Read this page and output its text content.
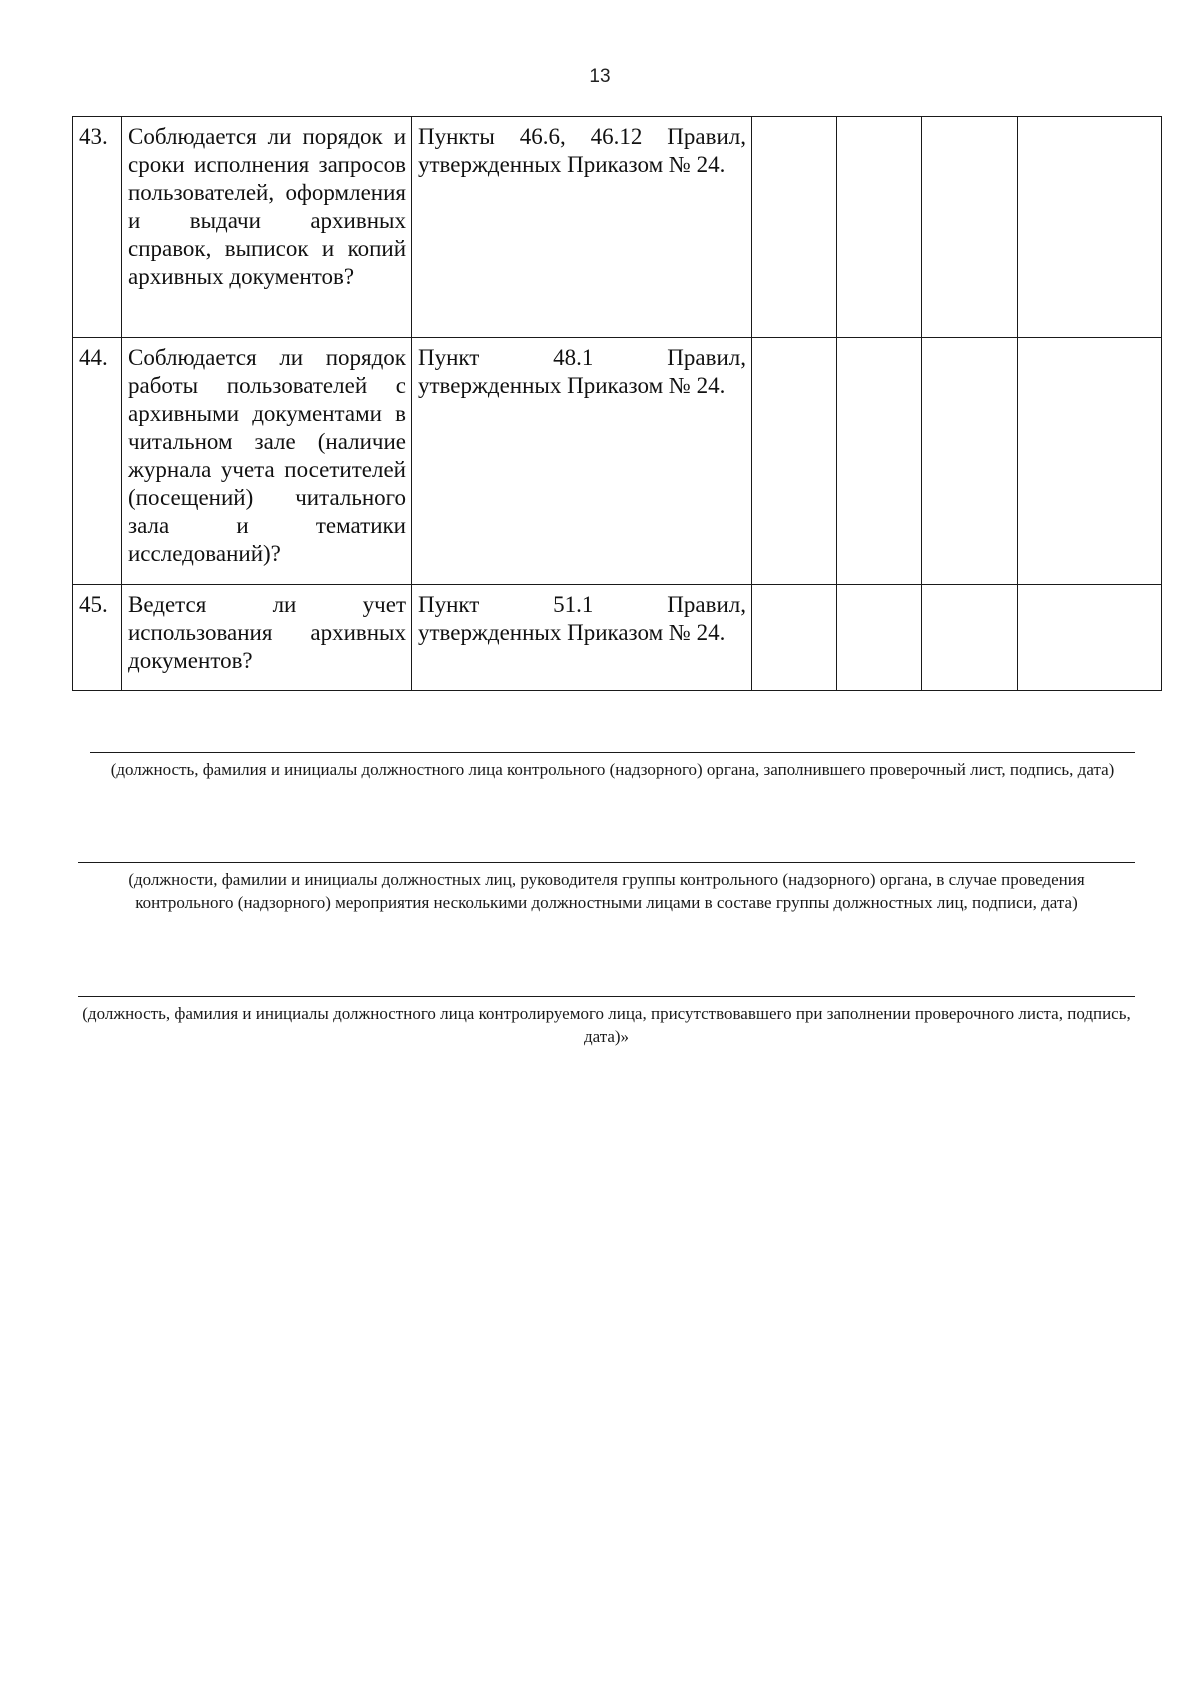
13
43.	Соблюдается ли порядок и сроки исполнения запросов пользователей, оформления и выдачи архивных справок, выписок и копий архивных документов?	Пункты 46.6, 46.12 Правил, утвержденных Приказом № 24.				
44.	Соблюдается ли порядок работы пользователей с архивными документами в читальном зале (наличие журнала учета посетителей (посещений) читального зала и тематики исследований)?	Пункт 48.1 Правил, утвержденных Приказом № 24.				
45.	Ведется ли учет использования архивных документов?	Пункт 51.1 Правил, утвержденных Приказом № 24.				
(должность, фамилия и инициалы должностного лица контрольного (надзорного) органа, заполнившего проверочный лист, подпись, дата)
(должности, фамилии и инициалы должностных лиц, руководителя группы контрольного (надзорного) органа, в случае проведения контрольного (надзорного) мероприятия несколькими должностными лицами в составе группы должностных лиц, подписи, дата)
(должность, фамилия и инициалы должностного лица контролируемого лица, присутствовавшего при заполнении проверочного листа, подпись, дата)»
